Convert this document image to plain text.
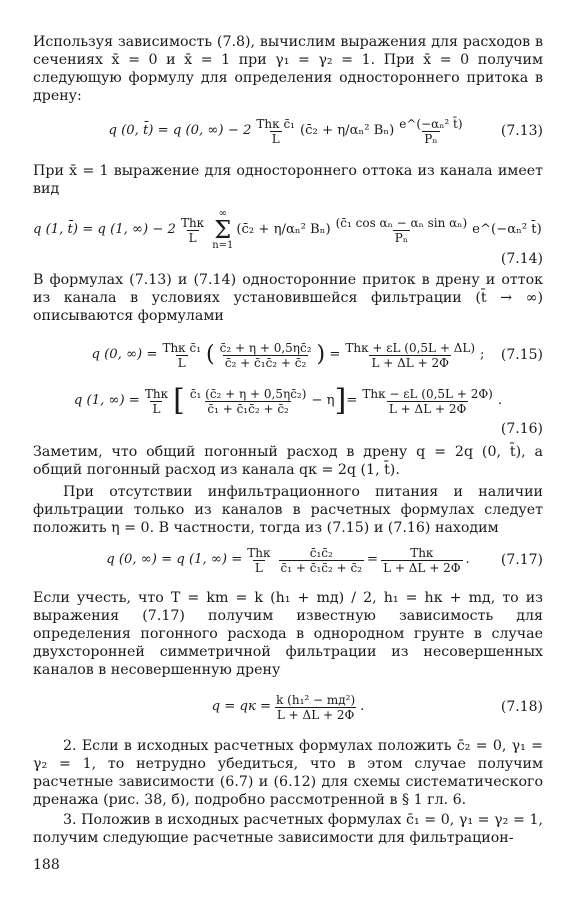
Используя зависимость (7.8), вычислим выражения для расходов в сечениях x̄ = 0 и x̄ = 1 при γ₁ = γ₂ = 1. При x̄ = 0 получим следующую формулу для определения одностороннего притока в дрену:
q (0, t̄) = q (0, ∞) − $2 \frac{\text{Thк c̄₁}}{L}$ (c̄₂ + η/αₙ² $B_n) \frac{\text{e\textasciicircum{}(−αₙ² t̄)}}{\text{Pₙ}}$	(7.13)
При x̄ = 1 выражение для одностороннего оттока из канала имеет вид
q (1, t̄) = q (1, ∞) − $2 \frac{\text{Thк}}{L}$
∞
Σ
n=1
(c̄₂ + η/αₙ² $B_n) \frac{\text{(c̄₁ cos αₙ − αₙ sin αₙ)}}{\text{Pₙ}}$ e^(−αₙ² t̄)
(7.14)
В формулах (7.13) и (7.14) односторонние приток в дрену и отток из канала в условиях установившейся фильтрации (t̄ → ∞) описываются формулами
q (0, ∞) = $\frac{\text{Thк c̄₁}}{L}$ ( $\frac{\text{c̄₂ + η + 0,5ηc̄₂}}{\text{c̄₂ + c̄₁c̄₂ + c̄₂}}$ ) = $\frac{\text{Thк + εL (0,5L + ΔL)}}{L + \Delta L + 2\Phi}$ ; (7.15)
q (1, ∞) = $\frac{\text{Thк}}{L}$ [ $\frac{\text{c̄₁ (c̄₂ + η + 0,5ηc̄₂)}}{\text{c̄₁ + c̄₁c̄₂ + c̄₂}} - \eta$ ] = $\frac{\text{Thк − εL (0,5L + 2Φ)}}{L + \Delta L + 2\Phi}$ .
(7.16)
Заметим, что общий погонный расход в дрену q = 2q (0, t̄), а общий погонный расход из канала qк = 2q (1, t̄).
При отсутствии инфильтрационного питания и наличии фильтрации только из каналов в расчетных формулах следует положить η = 0. В частности, тогда из (7.15) и (7.16) находим
q (0, ∞) = q (1, ∞) = $\frac{\text{Thк}}{L} \frac{\text{c̄₁c̄₂}}{\text{c̄₁ + c̄₁c̄₂ + c̄₂}} = \frac{\text{Thк}}{L + \Delta L + 2\Phi}$ . (7.17)
Если учесть, что T = km = k (h₁ + mд) / 2, h₁ = hк + mд, то из выражения (7.17) получим известную зависимость для определения погонного расхода в однородном грунте в случае двухсторонней симметричной фильтрации из несовершенных каналов в несовершенную дрену
q = qк = $\frac{\text{k (h₁² − mд²)}}{L + \Delta L + 2\Phi}$ .	(7.18)
2. Если в исходных расчетных формулах положить c̄₂ = 0, γ₁ = γ₂ = 1, то нетрудно убедиться, что в этом случае получим расчетные зависимости (6.7) и (6.12) для схемы систематического дренажа (рис. 38, б), подробно рассмотренной в § 1 гл. 6.
3. Положив в исходных расчетных формулах c̄₁ = 0, γ₁ = γ₂ = 1, получим следующие расчетные зависимости для фильтрацион-
188
